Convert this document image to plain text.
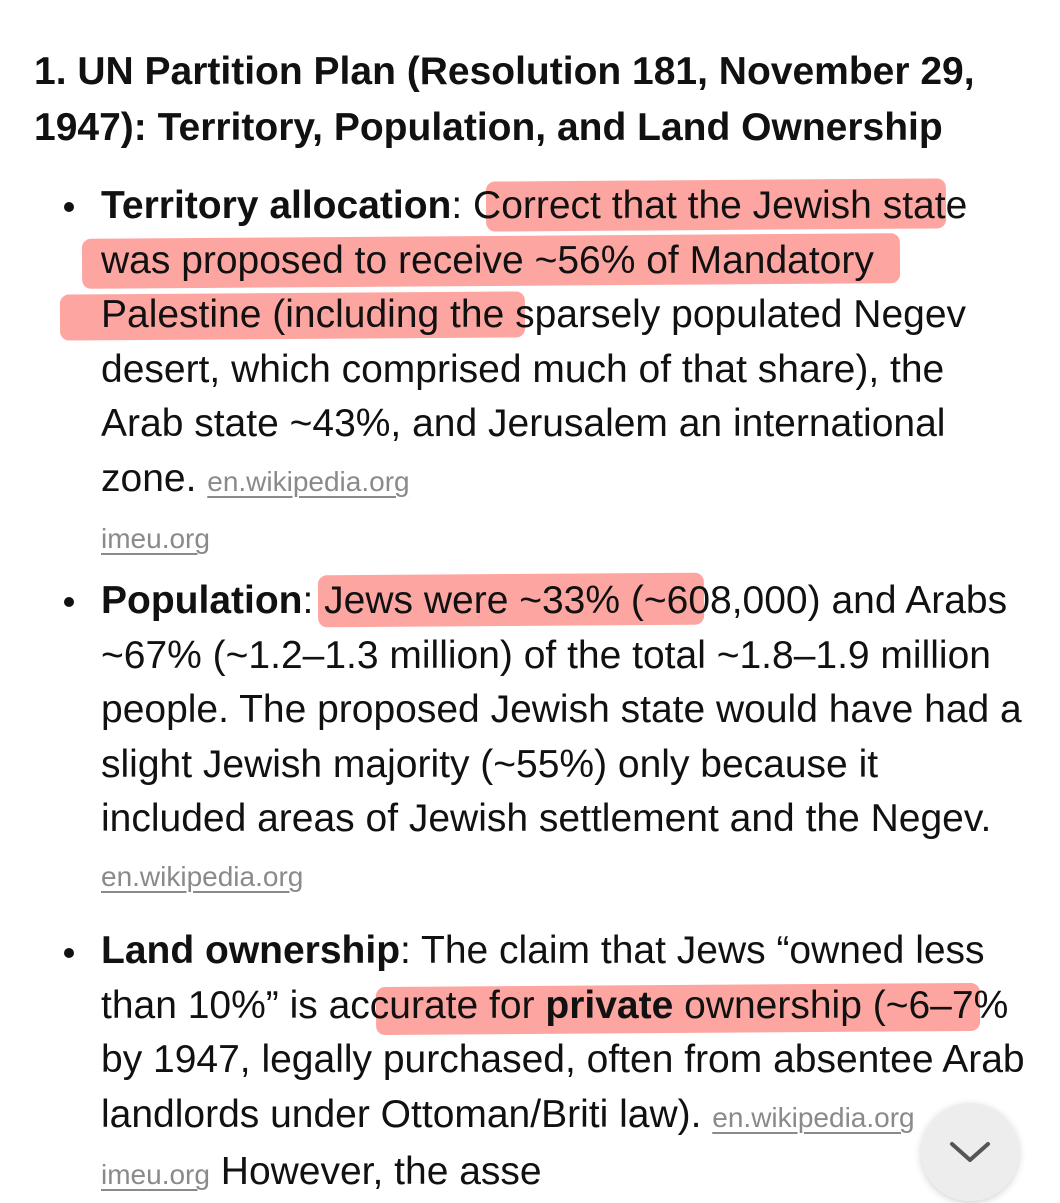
1. UN Partition Plan (Resolution 181, November 29, 1947): Territory, Population, and Land Ownership

Territory allocation: Correct that the Jewish state was proposed to receive ~56% of Mandatory Palestine (including the sparsely populated Negev desert, which comprised much of that share), the Arab state ~43%, and Jerusalem an international zone. en.wikipedia.org
imeu.org

Population: Jews were ~33% (~608,000) and Arabs ~67% (~1.2–1.3 million) of the total ~1.8–1.9 million people. The proposed Jewish state would have had a slight Jewish majority (~55%) only because it included areas of Jewish settlement and the Negev. en.wikipedia.org

Land ownership: The claim that Jews “owned less than 10%” is accurate for private ownership (~6–7% by 1947, legally purchased, often from absentee Arab landlords under Ottoman/Briti law). en.wikipedia.org imeu.org However, the asse
